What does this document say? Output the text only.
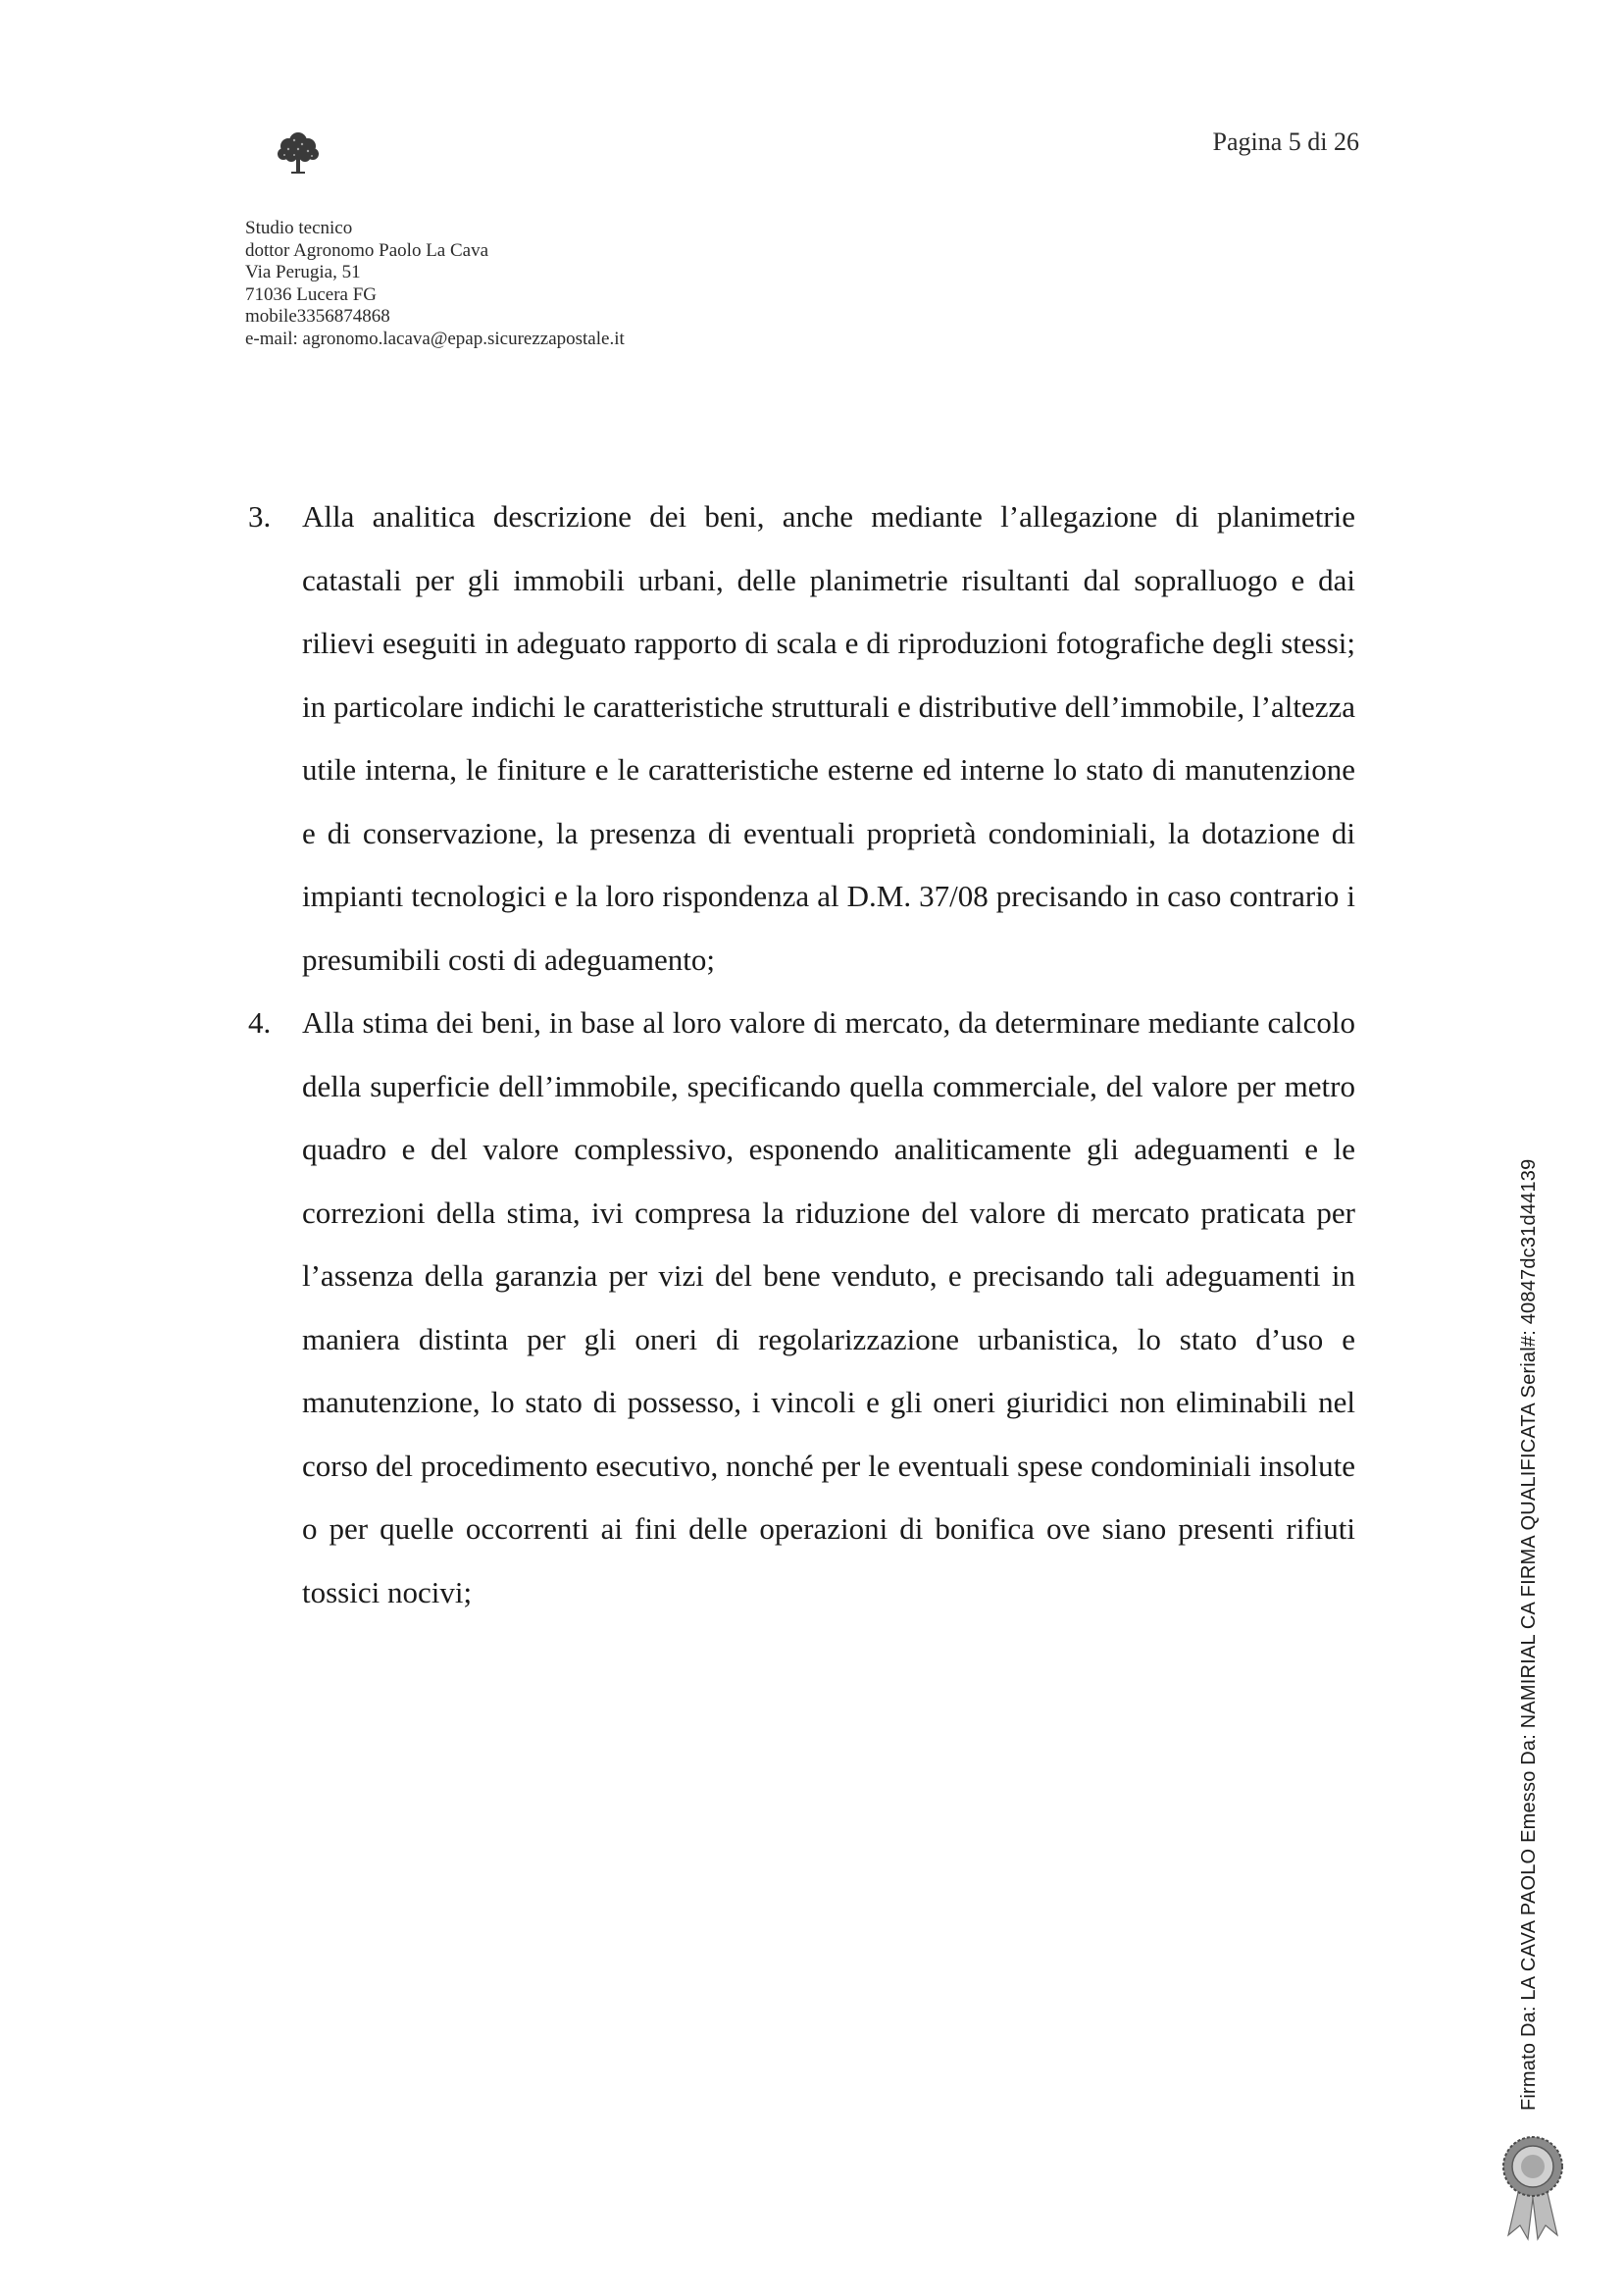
Pagina 5 di 26
Studio tecnico
dottor Agronomo Paolo La Cava
Via Perugia, 51
71036 Lucera FG
mobile3356874868
e-mail: agronomo.lacava@epap.sicurezzapostale.it
3. Alla analitica descrizione dei beni, anche mediante l’allegazione di planimetrie catastali per gli immobili urbani, delle planimetrie risultanti dal sopralluogo e dai rilievi eseguiti in adeguato rapporto di scala e di riproduzioni fotografiche degli stessi; in particolare indichi le caratteristiche strutturali e distributive dell’immobile, l’altezza utile interna, le finiture e le caratteristiche esterne ed interne lo stato di manutenzione e di conservazione, la presenza di eventuali proprietà condominiali, la dotazione di impianti tecnologici e la loro rispondenza al D.M. 37/08 precisando in caso contrario i presumibili costi di adeguamento;
4. Alla stima dei beni, in base al loro valore di mercato, da determinare mediante calcolo della superficie dell’immobile, specificando quella commerciale, del valore per metro quadro e del valore complessivo, esponendo analiticamente gli adeguamenti e le correzioni della stima, ivi compresa la riduzione del valore di mercato praticata per l’assenza della garanzia per vizi del bene venduto, e precisando tali adeguamenti in maniera distinta per gli oneri di regolarizzazione urbanistica, lo stato d’uso e manutenzione, lo stato di possesso, i vincoli e gli oneri giuridici non eliminabili nel corso del procedimento esecutivo, nonché per le eventuali spese condominiali insolute o per quelle occorrenti ai fini delle operazioni di bonifica ove siano presenti rifiuti tossici nocivi;	Firmato Da: LA CAVA PAOLO Emesso Da: NAMIRIAL CA FIRMA QUALIFICATA Serial#: 40847dc31d44139
